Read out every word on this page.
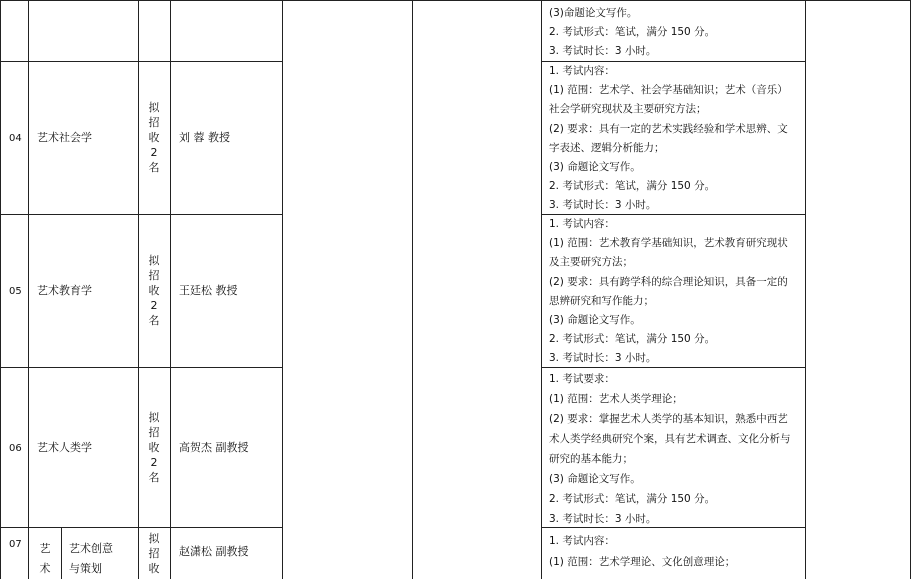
(3)命题论文写作。
2. 考试形式：笔试，满分 150 分。
3. 考试时长：3 小时。
04 艺术社会学
拟
招
收
2
名
刘 蓉 教授
1. 考试内容：
(1) 范围：艺术学、社会学基础知识；艺术（音乐）
社会学研究现状及主要研究方法；
(2) 要求：具有一定的艺术实践经验和学术思辨、文
字表述、逻辑分析能力；
(3) 命题论文写作。
2. 考试形式：笔试，满分 150 分。
3. 考试时长：3 小时。
05 艺术教育学
拟
招
收
2
名
王廷松 教授
1. 考试内容：
(1) 范围：艺术教育学基础知识，艺术教育研究现状
及主要研究方法；
(2) 要求：具有跨学科的综合理论知识，具备一定的
思辨研究和写作能力；
(3) 命题论文写作。
2. 考试形式：笔试，满分 150 分。
3. 考试时长：3 小时。
06 艺术人类学
拟
招
收
2
名
高贺杰 副教授
1. 考试要求：
(1) 范围：艺术人类学理论；
(2) 要求：掌握艺术人类学的基本知识，熟悉中西艺
术人类学经典研究个案，具有艺术调查、文化分析与
研究的基本能力；
(3) 命题论文写作。
2. 考试形式：笔试，满分 150 分。
3. 考试时长：3 小时。
07 艺
术
艺术创意
与策划
拟
招
收
赵潇松 副教授
1. 考试内容：
(1) 范围：艺术学理论、文化创意理论；
